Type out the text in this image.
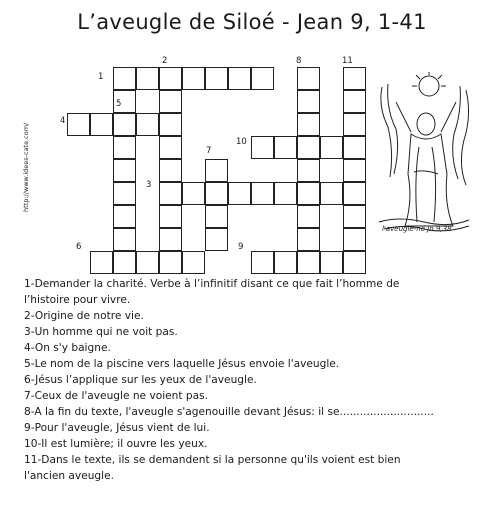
L’aveugle de Siloé - Jean 9, 1-41
http://www.idees-cate.com/
1
2
3
4
5
6
7
8
9
10
11
l'aveugle-né Jn 9,38
1-Demander la charité. Verbe à l’infinitif disant ce que fait l’homme de
l’histoire pour vivre.
2-Origine de notre vie.
3-Un homme qui ne voit pas.
4-On s'y baigne.
5-Le nom de la piscine vers laquelle Jésus envoie l'aveugle.
6-Jésus l’applique sur les yeux de l'aveugle.
7-Ceux de l'aveugle ne voient pas.
8-A la fin du texte, l'aveugle s'agenouille devant Jésus: il se............................
9-Pour l'aveugle, Jésus vient de lui.
10-Il est lumière; il ouvre les yeux.
11-Dans le texte, ils se demandent si la personne qu'ils voient est bien
l'ancien aveugle.
